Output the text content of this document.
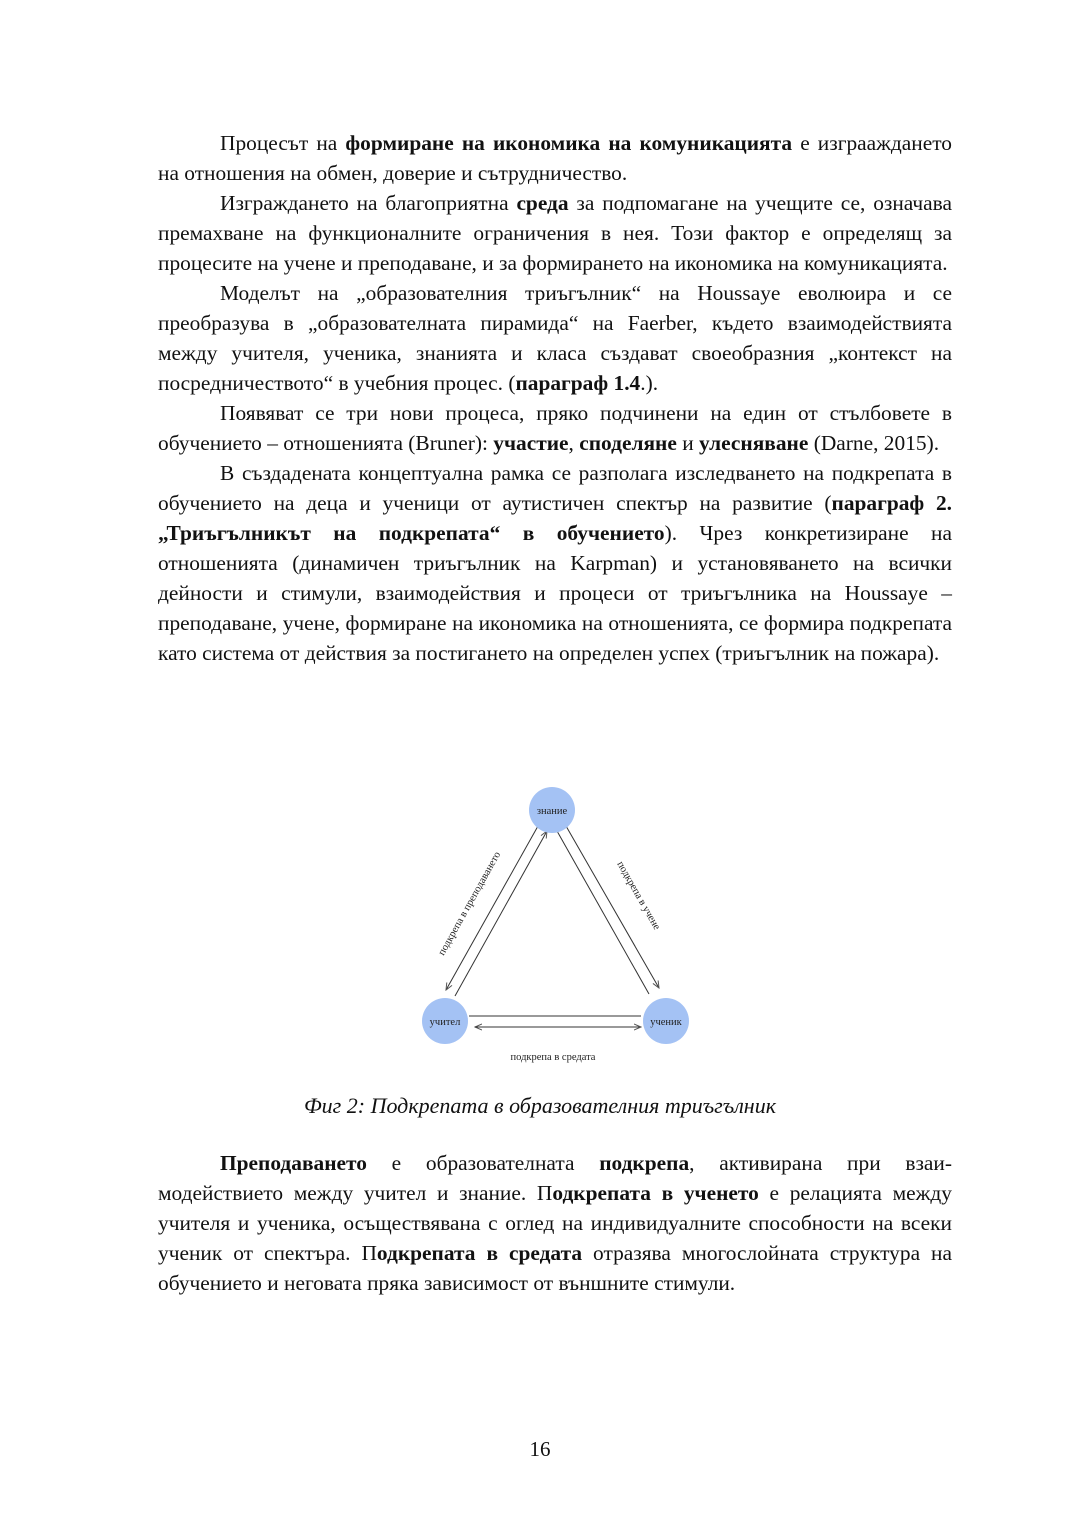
Процесът на формиране на икономика на комуникацията е изграаждането на отношения на обмен, доверие и сътрудничество.

Изграждането на благоприятна среда за подпомагане на учещите се, означава премахване на функционалните ограничения в нея. Този фактор е определящ за процесите на учене и преподаване, и за формирането на икономика на комуникацията.

Моделът на „образователния триъгълник“ на Houssaye еволюира и се преобразува в „образователната пирамида“ на Faerber, където взаимодействията между учителя, ученика, знанията и класа създават своеобразния „контекст на посредничеството“ в учебния процес. (параграф 1.4.).

Появяват се три нови процеса, пряко подчинени на един от стълбовете в обучението – отношенията (Bruner): участие, споделяне и улесняване (Darne, 2015).

В създадената концептуална рамка се разполага изследването на подкрепата в обучението на деца и ученици от аутистичен спектър на развитие (параграф 2. „Триъгълникът на подкрепата“ в обучението). Чрез конкретизиране на отношенията (динамичен триъгълник на Karpman) и установяването на всички дейности и стимули, взаимодействия и процеси от триъгълника на Houssaye – преподаване, учене, формиране на икономика на отношенията, се формира подкрепата като система от действия за постигането на определен успех (триъгълник на пожара).

знание
учител	ученик
подкрепа в преподаването	подкрепа в учене
подкрепа в средата
Фиг 2: Подкрепата в образователния триъгълник

Преподаването е образователната подкрепа, активирана при взаимодействието между учител и знание. Подкрепата в ученето е релацията между учителя и ученика, осъществявана с оглед на индивидуалните способности на всеки ученик от спектъра. Подкрепата в средата отразява многослойната структура на обучението и неговата пряка зависимост от външните стимули.

16
